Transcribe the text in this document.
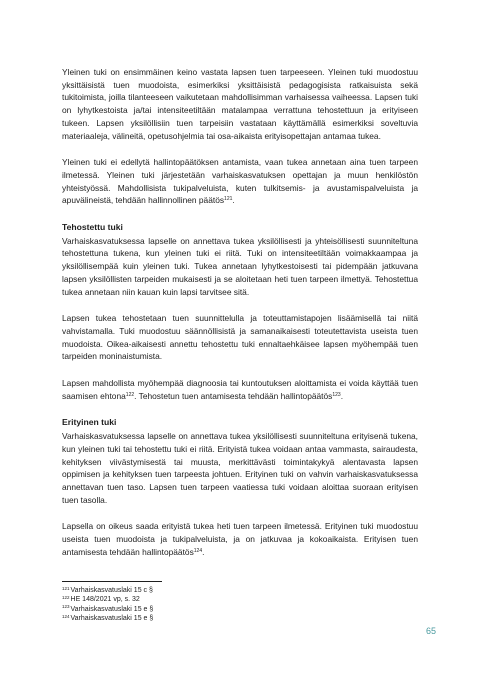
Yleinen tuki on ensimmäinen keino vastata lapsen tuen tarpeeseen. Yleinen tuki muodostuu yksittäisistä tuen muodoista, esimerkiksi yksittäisistä pedagogisista ratkaisuista sekä tukitoimista, joilla tilanteeseen vaikutetaan mahdollisimman varhaisessa vaiheessa. Lapsen tuki on lyhytkestoista ja/tai intensiteetiltään matalampaa verrattuna tehostettuun ja erityiseen tukeen. Lapsen yksilöllisiin tuen tarpeisiin vastataan käyttämällä esimerkiksi soveltuvia materiaaleja, välineitä, opetusohjelmia tai osa-aikaista erityisopettajan antamaa tukea.

Yleinen tuki ei edellytä hallintopäätöksen antamista, vaan tukea annetaan aina tuen tarpeen ilmetessä. Yleinen tuki järjestetään varhaiskasvatuksen opettajan ja muun henkilöstön yhteistyössä. Mahdollisista tukipalveluista, kuten tulkitsemis- ja avustamispalveluista ja apuvälineistä, tehdään hallinnollinen päätös$^{121}$.

Tehostettu tuki

Varhaiskasvatuksessa lapselle on annettava tukea yksilöllisesti ja yhteisöllisesti suunniteltuna tehostettuna tukena, kun yleinen tuki ei riitä. Tuki on intensiteetiltään voimakkaampaa ja yksilöllisempää kuin yleinen tuki. Tukea annetaan lyhytkestoisesti tai pidempään jatkuvana lapsen yksilöllisten tarpeiden mukaisesti ja se aloitetaan heti tuen tarpeen ilmettyä. Tehostettua tukea annetaan niin kauan kuin lapsi tarvitsee sitä.

Lapsen tukea tehostetaan tuen suunnittelulla ja toteuttamistapojen lisäämisellä tai niitä vahvistamalla. Tuki muodostuu säännöllisistä ja samanaikaisesti toteutettavista useista tuen muodoista. Oikea-aikaisesti annettu tehostettu tuki ennaltaehkäisee lapsen myöhempää tuen tarpeiden moninaistumista.

Lapsen mahdollista myöhempää diagnoosia tai kuntoutuksen aloittamista ei voida käyttää tuen saamisen ehtona$^{122}$. Tehostetun tuen antamisesta tehdään hallintopäätös$^{123}$.

Erityinen tuki

Varhaiskasvatuksessa lapselle on annettava tukea yksilöllisesti suunniteltuna erityisenä tukena, kun yleinen tuki tai tehostettu tuki ei riitä. Erityistä tukea voidaan antaa vammasta, sairaudesta, kehityksen viivästymisestä tai muusta, merkittävästi toimintakykyä alentavasta lapsen oppimisen ja kehityksen tuen tarpeesta johtuen. Erityinen tuki on vahvin varhaiskasvatuksessa annettavan tuen taso. Lapsen tuen tarpeen vaatiessa tuki voidaan aloittaa suoraan erityisen tuen tasolla.

Lapsella on oikeus saada erityistä tukea heti tuen tarpeen ilmetessä. Erityinen tuki muodostuu useista tuen muodoista ja tukipalveluista, ja on jatkuvaa ja kokoaikaista. Erityisen tuen antamisesta tehdään hallintopäätös$^{124}$.

$^{121}$Varhaiskasvatuslaki 15 c §
$^{122}$HE 148/2021 vp, s. 32
$^{123}$Varhaiskasvatuslaki 15 e §
$^{124}$Varhaiskasvatuslaki 15 e §
65
